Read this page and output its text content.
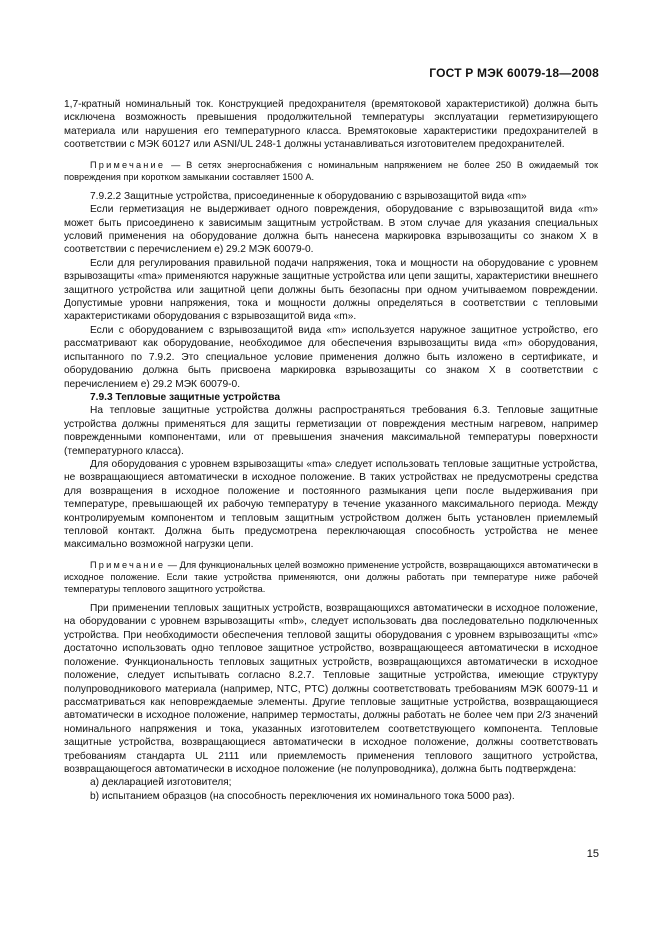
ГОСТ Р МЭК 60079-18—2008

1,7-кратный номинальный ток. Конструкцией предохранителя (времятоковой характеристикой) должна быть исключена возможность превышения продолжительной температуры эксплуатации герметизирующего материала или нарушения его температурного класса. Времятоковые характеристики предохранителей в соответствии с МЭК 60127 или ASNI/UL 248-1 должны устанавливаться изготовителем предохранителей.

Примечание — В сетях энергоснабжения с номинальным напряжением не более 250 В ожидаемый ток повреждения при коротком замыкании составляет 1500 А.

7.9.2.2 Защитные устройства, присоединенные к оборудованию с взрывозащитой вида «m»

Если герметизация не выдерживает одного повреждения, оборудование с взрывозащитой вида «m» может быть присоединено к зависимым защитным устройствам. В этом случае для указания специальных условий применения на оборудование должна быть нанесена маркировка взрывозащиты со знаком X в соответствии с перечислением e) 29.2 МЭК 60079-0.

Если для регулирования правильной подачи напряжения, тока и мощности на оборудование с уровнем взрывозащиты «ma» применяются наружные защитные устройства или цепи защиты, характеристики внешнего защитного устройства или защитной цепи должны быть безопасны при одном учитываемом повреждении. Допустимые уровни напряжения, тока и мощности должны определяться в соответствии с тепловыми характеристиками оборудования с взрывозащитой вида «m».

Если с оборудованием с взрывозащитой вида «m» используется наружное защитное устройство, его рассматривают как оборудование, необходимое для обеспечения взрывозащиты вида «m» оборудования, испытанного по 7.9.2. Это специальное условие применения должно быть изложено в сертификате, и оборудованию должна быть присвоена маркировка взрывозащиты со знаком X в соответствии с перечислением e) 29.2 МЭК 60079-0.

7.9.3 Тепловые защитные устройства

На тепловые защитные устройства должны распространяться требования 6.3. Тепловые защитные устройства должны применяться для защиты герметизации от повреждения местным нагревом, например поврежденными компонентами, или от превышения значения максимальной температуры поверхности (температурного класса).

Для оборудования с уровнем взрывозащиты «ma» следует использовать тепловые защитные устройства, не возвращающиеся автоматически в исходное положение. В таких устройствах не предусмотрены средства для возвращения в исходное положение и постоянного размыкания цепи после выдерживания при температуре, превышающей их рабочую температуру в течение указанного максимального периода. Между контролируемым компонентом и тепловым защитным устройством должен быть установлен приемлемый тепловой контакт. Должна быть предусмотрена переключающая способность устройства не менее максимально возможной нагрузки цепи.

Примечание — Для функциональных целей возможно применение устройств, возвращающихся автоматически в исходное положение. Если такие устройства применяются, они должны работать при температуре ниже рабочей температуры теплового защитного устройства.

При применении тепловых защитных устройств, возвращающихся автоматически в исходное положение, на оборудовании с уровнем взрывозащиты «mb», следует использовать два последовательно подключенных устройства. При необходимости обеспечения тепловой защиты оборудования с уровнем взрывозащиты «mc» достаточно использовать одно тепловое защитное устройство, возвращающееся автоматически в исходное положение. Функциональность тепловых защитных устройств, возвращающихся автоматически в исходное положение, следует испытывать согласно 8.2.7. Тепловые защитные устройства, имеющие структуру полупроводникового материала (например, NTC, PTC) должны соответствовать требованиям МЭК 60079-11 и рассматриваться как неповреждаемые элементы. Другие тепловые защитные устройства, возвращающиеся автоматически в исходное положение, например термостаты, должны работать не более чем при 2/3 значений номинального напряжения и тока, указанных изготовителем соответствующего компонента. Тепловые защитные устройства, возвращающиеся автоматически в исходное положение, должны соответствовать требованиям стандарта UL 2111 или приемлемость применения теплового защитного устройства, возвращающегося автоматически в исходное положение (не полупроводника), должна быть подтверждена:

a) декларацией изготовителя;

b) испытанием образцов (на способность переключения их номинального тока 5000 раз).

15
